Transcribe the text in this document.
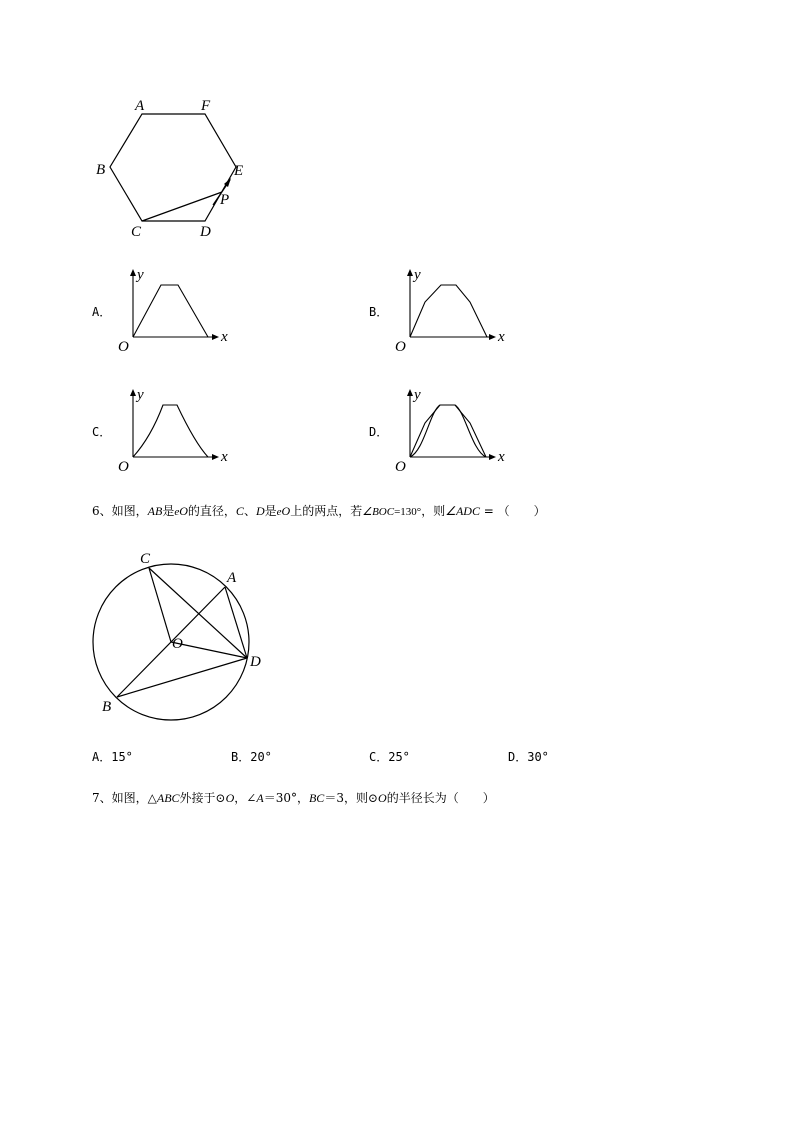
A	F
B	E
C	D
P
A．	B．
C．	D．
y
x
O
y
x
O
y
x
O
y
x
O
6、如图，AB是eO的直径，C、D是eO上的两点，若∠BOC=130°，则∠ADC = （　　）
C
A
O
D
B
A．15°	B．20°	C．25°	D．30°
7、如图，△ABC外接于⊙O，∠A＝30°，BC＝3，则⊙O的半径长为（　　）
